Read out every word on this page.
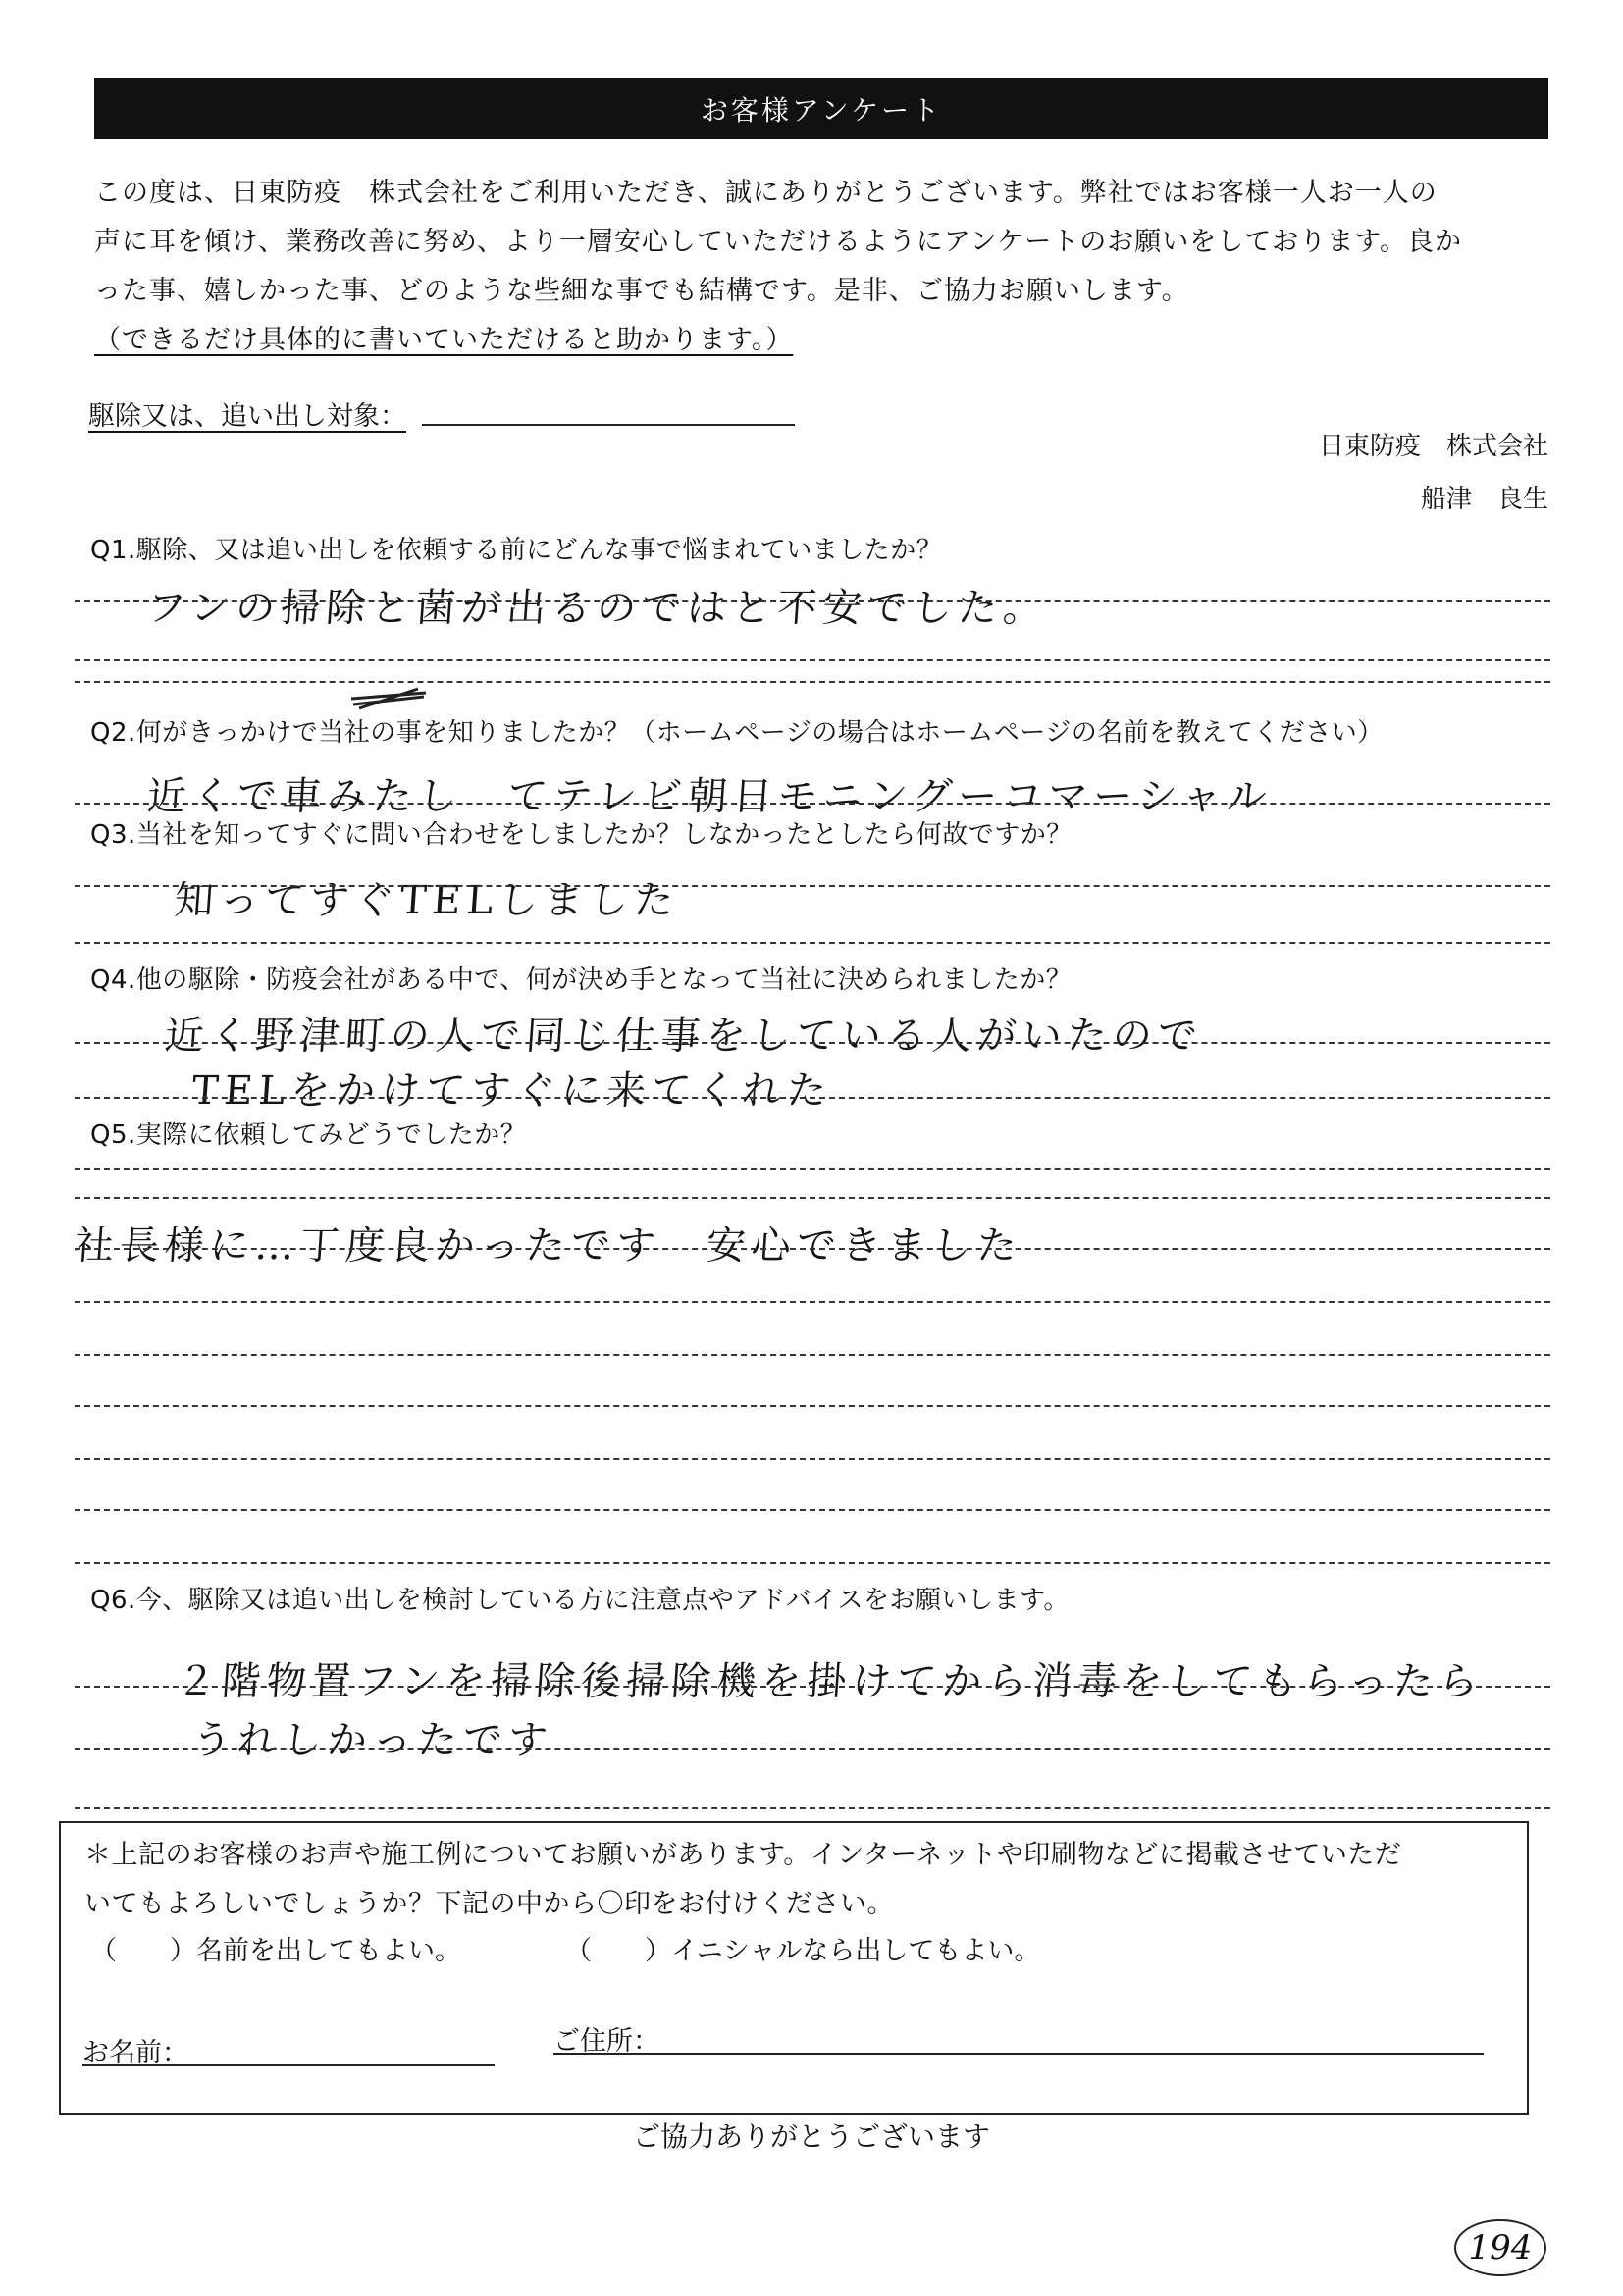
お客様アンケート
この度は、日東防疫　株式会社をご利用いただき、誠にありがとうございます。弊社ではお客様一人お一人の
声に耳を傾け、業務改善に努め、より一層安心していただけるようにアンケートのお願いをしております。良か
った事、嬉しかった事、どのような些細な事でも結構です。是非、ご協力お願いします。
（できるだけ具体的に書いていただけると助かります。）
駆除又は、追い出し対象：
日東防疫　株式会社
船津　良生
Q1.駆除、又は追い出しを依頼する前にどんな事で悩まれていましたか？
フンの掃除と菌が出るのではと不安でした。
Q2.何がきっかけで当社の事を知りましたか？（ホームページの場合はホームページの名前を教えてください）
近くで車みたし　てテレビ朝日モニングーコマーシャル
Q3.当社を知ってすぐに問い合わせをしましたか？しなかったとしたら何故ですか？
知ってすぐTELしました
Q4.他の駆除・防疫会社がある中で、何が決め手となって当社に決められましたか？
近く野津町の人で同じ仕事をしている人がいたので
TELをかけてすぐに来てくれた
Q5.実際に依頼してみどうでしたか？
社長様に…丁度良かったです　安心できました
Q6.今、駆除又は追い出しを検討している方に注意点やアドバイスをお願いします。
２階物置フンを掃除後掃除機を掛けてから消毒をしてもらったら
うれしかったです
＊上記のお客様のお声や施工例についてお願いがあります。インターネットや印刷物などに掲載させていただ
いてもよろしいでしょうか？下記の中から〇印をお付けください。
（　　）名前を出してもよい。	（　　）イニシャルなら出してもよい。
お名前：	ご住所：
ご協力ありがとうございます
194
